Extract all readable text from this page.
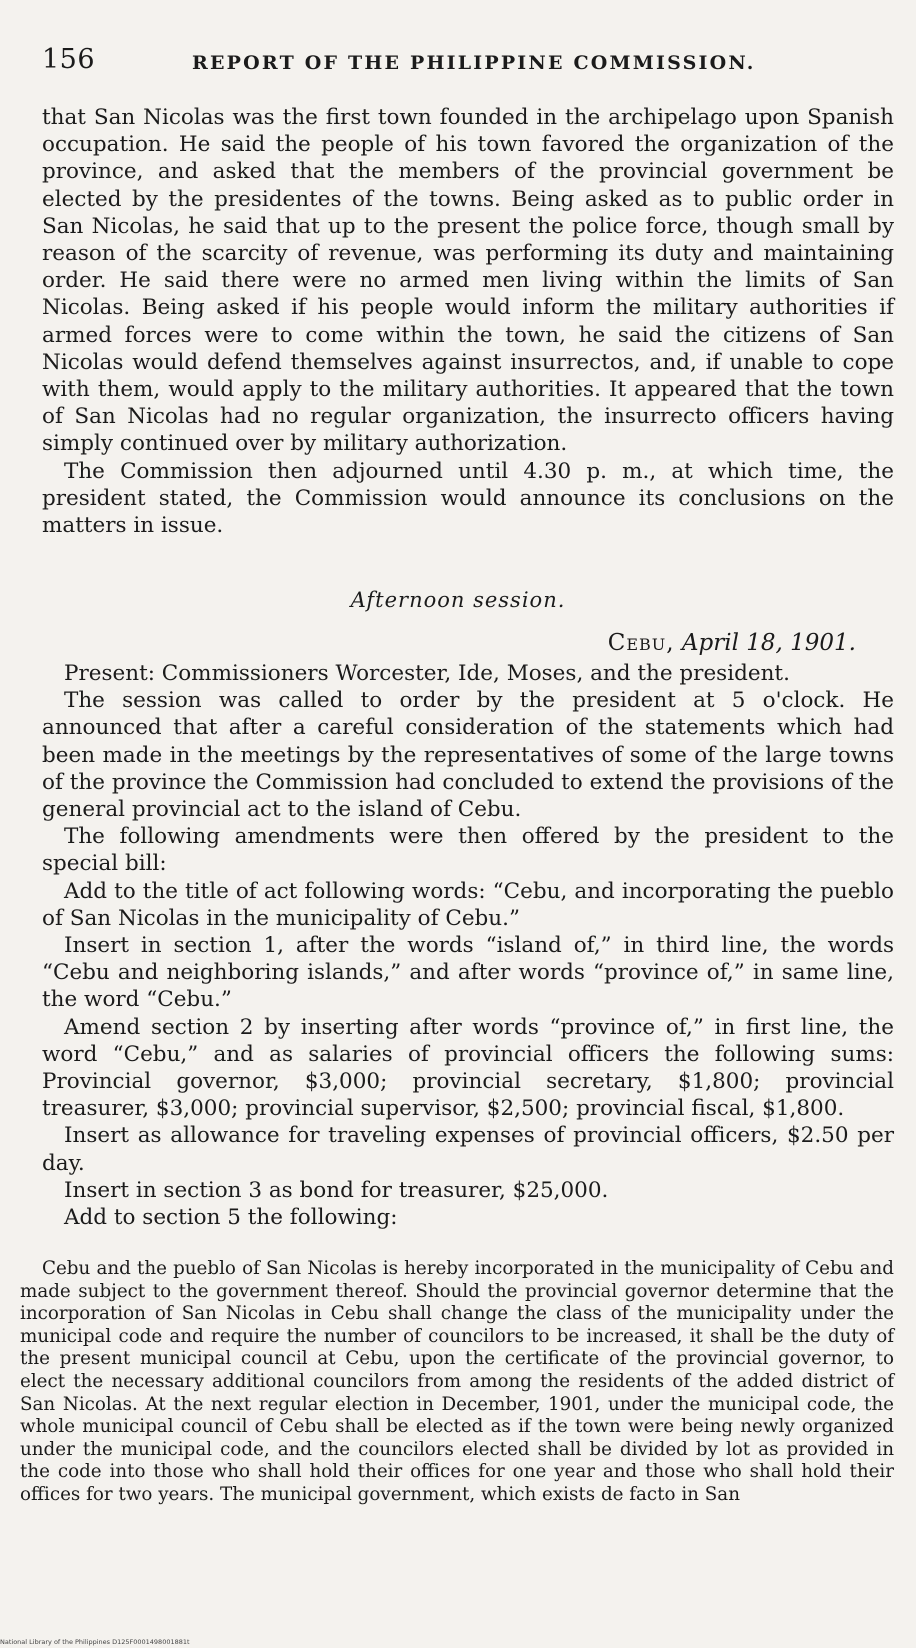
156	REPORT OF THE PHILIPPINE COMMISSION.

that San Nicolas was the first town founded in the archipelago upon Spanish occupation. He said the people of his town favored the organization of the province, and asked that the members of the provincial government be elected by the presidentes of the towns. Being asked as to public order in San Nicolas, he said that up to the present the police force, though small by reason of the scarcity of revenue, was performing its duty and maintaining order. He said there were no armed men living within the limits of San Nicolas. Being asked if his people would inform the military authorities if armed forces were to come within the town, he said the citizens of San Nicolas would defend themselves against insurrectos, and, if unable to cope with them, would apply to the military authorities. It appeared that the town of San Nicolas had no regular organization, the insurrecto officers having simply continued over by military authorization.

The Commission then adjourned until 4.30 p. m., at which time, the president stated, the Commission would announce its conclusions on the matters in issue.

Afternoon session.
Cebu, April 18, 1901.

Present: Commissioners Worcester, Ide, Moses, and the president.

The session was called to order by the president at 5 o'clock. He announced that after a careful consideration of the statements which had been made in the meetings by the representatives of some of the large towns of the province the Commission had concluded to extend the provisions of the general provincial act to the island of Cebu.

The following amendments were then offered by the president to the special bill:

Add to the title of act following words: “Cebu, and incorporating the pueblo of San Nicolas in the municipality of Cebu.”

Insert in section 1, after the words “island of,” in third line, the words “Cebu and neighboring islands,” and after words “province of,” in same line, the word “Cebu.”

Amend section 2 by inserting after words “province of,” in first line, the word “Cebu,” and as salaries of provincial officers the following sums: Provincial governor, $3,000; provincial secretary, $1,800; provincial treasurer, $3,000; provincial supervisor, $2,500; provincial fiscal, $1,800.

Insert as allowance for traveling expenses of provincial officers, $2.50 per day.

Insert in section 3 as bond for treasurer, $25,000.

Add to section 5 the following:

Cebu and the pueblo of San Nicolas is hereby incorporated in the municipality of Cebu and made subject to the government thereof. Should the provincial governor determine that the incorporation of San Nicolas in Cebu shall change the class of the municipality under the municipal code and require the number of councilors to be increased, it shall be the duty of the present municipal council at Cebu, upon the certificate of the provincial governor, to elect the necessary additional councilors from among the residents of the added district of San Nicolas. At the next regular election in December, 1901, under the municipal code, the whole municipal council of Cebu shall be elected as if the town were being newly organized under the municipal code, and the councilors elected shall be divided by lot as provided in the code into those who shall hold their offices for one year and those who shall hold their offices for two years. The municipal government, which exists de facto in San

National Library of the Philippines D125F0001498001881t
